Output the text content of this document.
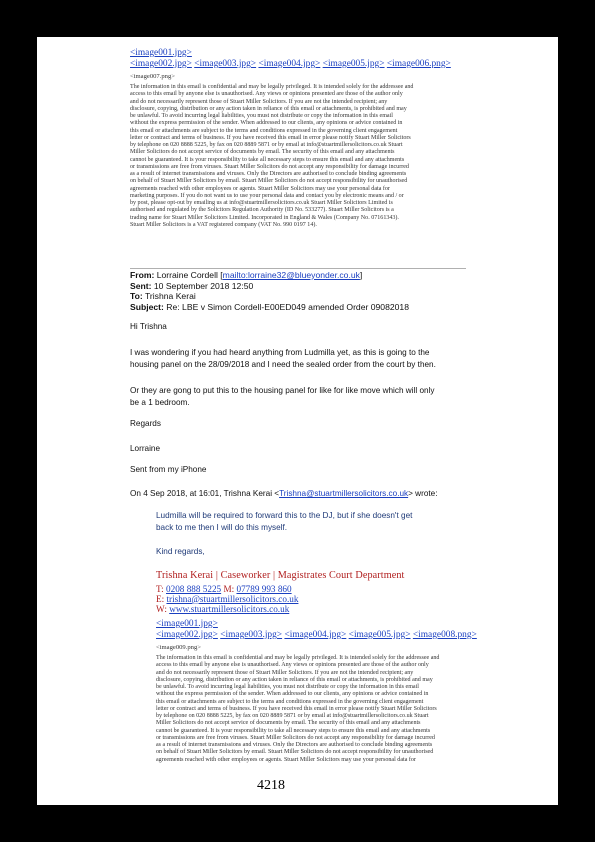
<image001.jpg>
<image002.jpg> <image003.jpg> <image004.jpg> <image005.jpg> <image006.png>
<image007.png>
The information in this email is confidential and may be legally privileged. It is intended solely for the addressee and
access to this email by anyone else is unauthorised. Any views or opinions presented are those of the author only
and do not necessarily represent those of Stuart Miller Solicitors. If you are not the intended recipient; any
disclosure, copying, distribution or any action taken in reliance of this email or attachments, is prohibited and may
be unlawful. To avoid incurring legal liabilities, you must not distribute or copy the information in this email
without the express permission of the sender. When addressed to our clients, any opinions or advice contained in
this email or attachments are subject to the terms and conditions expressed in the governing client engagement
letter or contract and terms of business. If you have received this email in error please notify Stuart Miller Solicitors
by telephone on 020 8888 5225, by fax on 020 8889 5871 or by email at info@stuartmillersolicitors.co.uk Stuart
Miller Solicitors do not accept service of documents by email. The security of this email and any attachments
cannot be guaranteed. It is your responsibility to take all necessary steps to ensure this email and any attachments
or transmissions are free from viruses. Stuart Miller Solicitors do not accept any responsibility for damage incurred
as a result of internet transmissions and viruses. Only the Directors are authorised to conclude binding agreements
on behalf of Stuart Miller Solicitors by email. Stuart Miller Solicitors do not accept responsibility for unauthorised
agreements reached with other employees or agents. Stuart Miller Solicitors may use your personal data for
marketing purposes. If you do not want us to use your personal data and contact you by electronic means and / or
by post, please opt-out by emailing us at info@stuartmillersolicitors.co.uk Stuart Miller Solicitors Limited is
authorised and regulated by the Solicitors Regulation Authority (ID No. 533277). Stuart Miller Solicitors is a
trading name for Stuart Miller Solicitors Limited. Incorporated in England & Wales (Company No. 07161343).
Stuart Miller Solicitors is a VAT registered company (VAT No. 990 0197 14).
From: Lorraine Cordell [mailto:lorraine32@blueyonder.co.uk]
Sent: 10 September 2018 12:50
To: Trishna Kerai
Subject: Re: LBE v Simon Cordell-E00ED049 amended Order 09082018
Hi Trishna
I was wondering if you had heard anything from Ludmilla yet, as this is going to the
housing panel on the 28/09/2018 and I need the sealed order from the court by then.
Or they are gong to put this to the housing panel for like for like move which will only
be a 1 bedroom.
Regards
Lorraine
Sent from my iPhone
On 4 Sep 2018, at 16:01, Trishna Kerai <Trishna@stuartmillersolicitors.co.uk> wrote:
Ludmilla will be required to forward this to the DJ, but if she doesn't get
back to me then I will do this myself.
Kind regards,
Trishna Kerai | Caseworker | Magistrates Court Department
T: 0208 888 5225 M: 07789 993 860
E: trishna@stuartmillersolicitors.co.uk
W: www.stuartmillersolicitors.co.uk
<image001.jpg>
<image002.jpg> <image003.jpg> <image004.jpg> <image005.jpg> <image008.png>
<image009.png>
The information in this email is confidential and may be legally privileged. It is intended solely for the addressee and
access to this email by anyone else is unauthorised. Any views or opinions presented are those of the author only
and do not necessarily represent those of Stuart Miller Solicitors. If you are not the intended recipient; any
disclosure, copying, distribution or any action taken in reliance of this email or attachments, is prohibited and may
be unlawful. To avoid incurring legal liabilities, you must not distribute or copy the information in this email
without the express permission of the sender. When addressed to our clients, any opinions or advice contained in
this email or attachments are subject to the terms and conditions expressed in the governing client engagement
letter or contract and terms of business. If you have received this email in error please notify Stuart Miller Solicitors
by telephone on 020 8888 5225, by fax on 020 8889 5871 or by email at info@stuartmillersolicitors.co.uk Stuart
Miller Solicitors do not accept service of documents by email. The security of this email and any attachments
cannot be guaranteed. It is your responsibility to take all necessary steps to ensure this email and any attachments
or transmissions are free from viruses. Stuart Miller Solicitors do not accept any responsibility for damage incurred
as a result of internet transmissions and viruses. Only the Directors are authorised to conclude binding agreements
on behalf of Stuart Miller Solicitors by email. Stuart Miller Solicitors do not accept responsibility for unauthorised
agreements reached with other employees or agents. Stuart Miller Solicitors may use your personal data for
4218
